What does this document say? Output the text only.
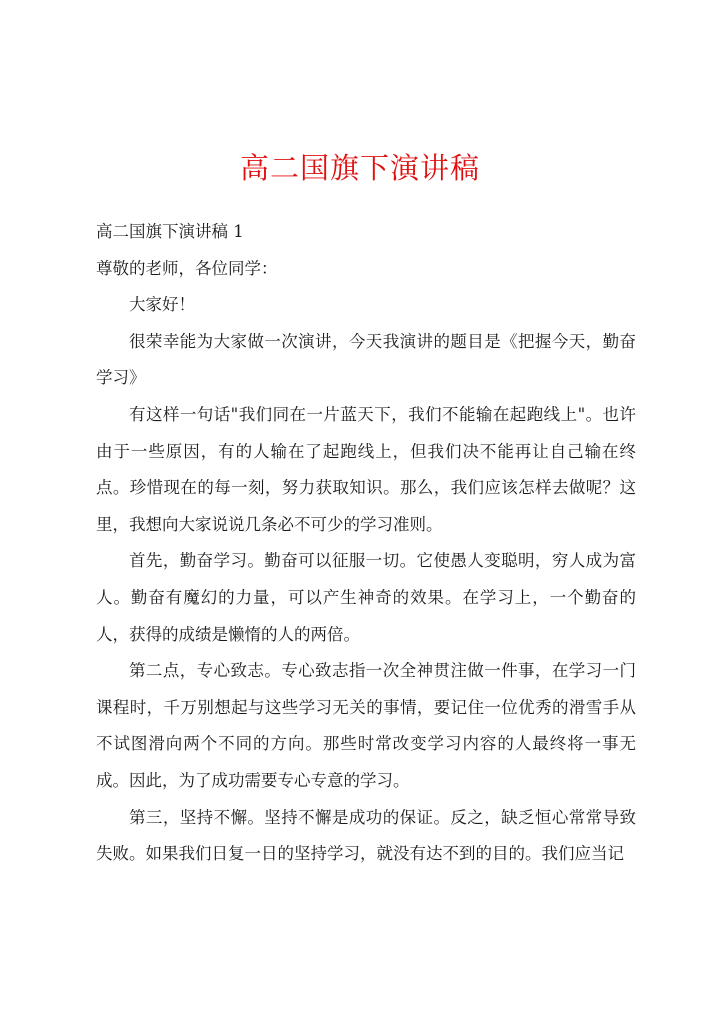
高二国旗下演讲稿

高二国旗下演讲稿 1

尊敬的老师，各位同学：

大家好！

很荣幸能为大家做一次演讲，今天我演讲的题目是《把握今天，勤奋学习》

有这样一句话"我们同在一片蓝天下，我们不能输在起跑线上"。也许由于一些原因，有的人输在了起跑线上，但我们决不能再让自己输在终点。珍惜现在的每一刻，努力获取知识。那么，我们应该怎样去做呢？这里，我想向大家说说几条必不可少的学习准则。

首先，勤奋学习。勤奋可以征服一切。它使愚人变聪明，穷人成为富人。勤奋有魔幻的力量，可以产生神奇的效果。在学习上，一个勤奋的人，获得的成绩是懒惰的人的两倍。

第二点，专心致志。专心致志指一次全神贯注做一件事，在学习一门课程时，千万别想起与这些学习无关的事情，要记住一位优秀的滑雪手从不试图滑向两个不同的方向。那些时常改变学习内容的人最终将一事无成。因此，为了成功需要专心专意的学习。

第三，坚持不懈。坚持不懈是成功的保证。反之，缺乏恒心常常导致失败。如果我们日复一日的坚持学习，就没有达不到的目的。我们应当记
